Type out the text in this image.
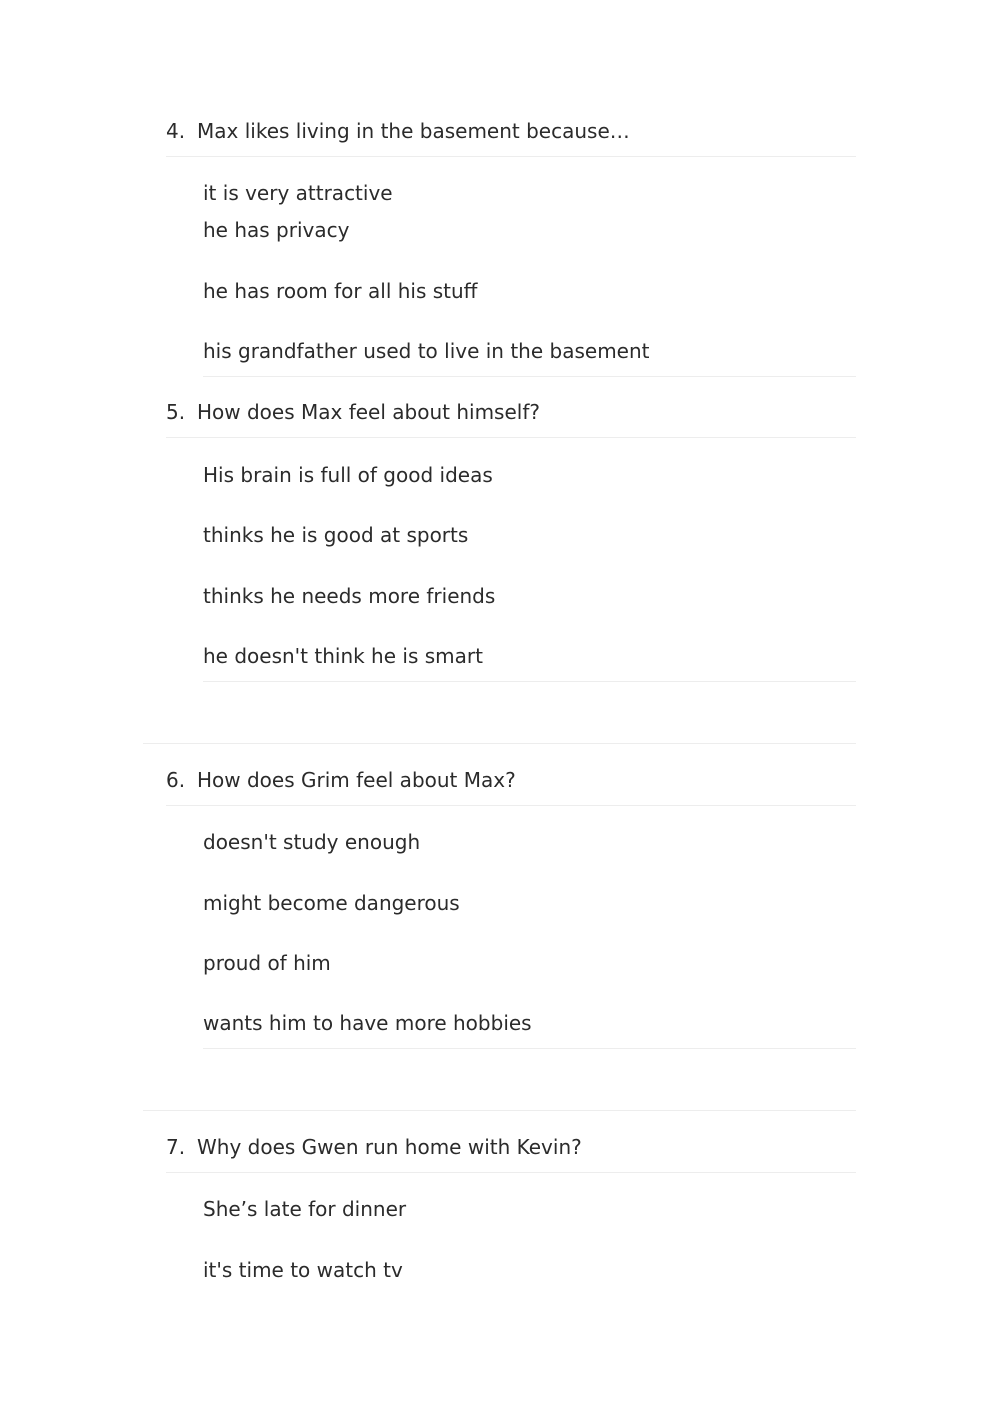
4. Max likes living in the basement because…
it is very attractive
he has privacy
he has room for all his stuff
his grandfather used to live in the basement
5. How does Max feel about himself?
His brain is full of good ideas
thinks he is good at sports
thinks he needs more friends
he doesn't think he is smart
6. How does Grim feel about Max?
doesn't study enough
might become dangerous
proud of him
wants him to have more hobbies
7. Why does Gwen run home with Kevin?
She’s late for dinner
it's time to watch tv
